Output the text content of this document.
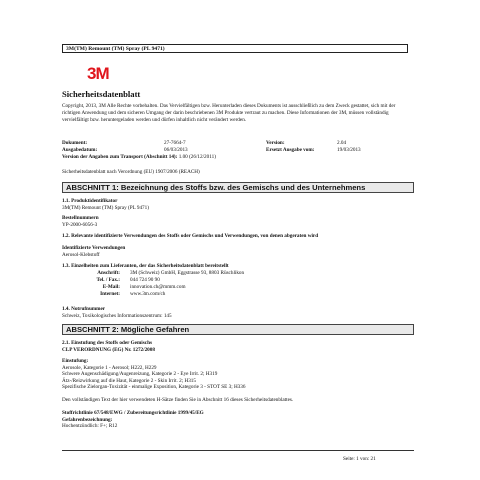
3M(TM) Remount (TM) Spray (PL 9471)
3M
Sicherheitsdatenblatt
Copyright, 2013, 3M Alle Rechte vorbehalten. Das Vervielfältigen bzw. Herunterladen dieses Dokuments ist ausschließlich zu dem Zweck gestattet, sich mit der richtigen Anwendung und dem sicheren Umgang der darin beschriebenen 3M Produkte vertraut zu machen. Diese Informationen der 3M, müssen vollständig vervielfältigt bzw. heruntergeladen werden und dürfen inhaltlich nicht verändert werden.
Dokument:	27-7664-7	Version:	2.04
Ausgabedatum:	06/03/2013	Ersetzt Ausgabe vom:	19/03/2013
Version der Angaben zum Transport (Abschnitt 14): 1.00 (26/12/2011)
Sicherheitsdatenblatt nach Verordnung (EU) 1907/2006 (REACH)
ABSCHNITT 1: Bezeichnung des Stoffs bzw. des Gemischs und des Unternehmens
1.1. Produktidentifikator
3M(TM) Remount (TM) Spray (PL 9471)
Bestellnummern
YP-2000-6056-3
1.2. Relevante identifizierte Verwendungen des Stoffs oder Gemischs und Verwendungen, von denen abgeraten wird
Identifizierte Verwendungen
Aerosol-Klebstoff
1.3. Einzelheiten zum Lieferanten, der das Sicherheitsdatenblatt bereitstellt
Anschrift: 3M (Schweiz) GmbH, Eggstrasse 93, 8803 Rüschlikon
Tel. / Fax.: 044 724 90 90
E-Mail: innovation.ch@mmm.com
Internet: www.3m.com/ch
1.4. Notrufnummer
Schweiz, Toxikologisches Informationszentrum: 145
ABSCHNITT 2: Mögliche Gefahren
2.1. Einstufung des Stoffs oder Gemischs
CLP VERORDNUNG (EG) Nr. 1272/2008
Einstufung:
Aerosole, Kategorie 1 - Aerosol; H222, H229
Schwere Augenschädigung/Augenreizung, Kategorie 2 - Eye Irrit. 2; H319
Ätz-/Reizwirkung auf die Haut, Kategorie 2 - Skin Irrit. 2; H315
Spezifische Zielorgan-Toxizität - einmalige Exposition, Kategorie 3 - STOT SE 3; H336
Den vollständigen Text der hier verwendeten H-Sätze finden Sie in Abschnitt 16 dieses Sicherheitsdatenblattes.
Stoffrichtlinie 67/548/EWG / Zubereitungsrichtlinie 1999/45/EG
Gefahrenbezeichnung:
Hochentzündlich: F+; R12
Seite: 1 von: 21
